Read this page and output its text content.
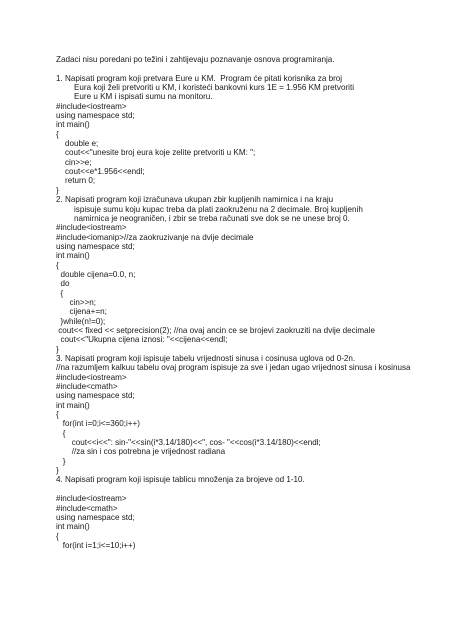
Zadaci nisu poredani po težini i zahtijevaju poznavanje osnova programiranja.
1. Napisati program koji pretvara Eure u KM.  Program će pitati korisnika za broj
Eura koji želi pretvoriti u KM, i koristeći bankovni kurs 1E = 1.956 KM pretvoriti
Eure u KM i ispisati sumu na monitoru.
#include<iostream>
using namespace std;
int main()
{
double e;
cout<<"unesite broj eura koje zelite pretvoriti u KM: ";
cin>>e;
cout<<e*1.956<<endl;
return 0;
}
2. Napisati program koji izračunava ukupan zbir kupljenih namirnica i na kraju
ispisuje sumu koju kupac treba da plati zaokruženu na 2 decimale. Broj kupljenih
namirnica je neograničen, i zbir se treba računati sve dok se ne unese broj 0.
#include<iostream>
#include<iomanip>//za zaokruzivanje na dvije decimale
using namespace std;
int main()
{
double cijena=0.0, n;
do
{
cin>>n;
cijena+=n;
}while(n!=0);
cout<< fixed << setprecision(2); //na ovaj ancin ce se brojevi zaokruziti na dvije decimale
cout<<"Ukupna cijena iznosi: "<<cijena<<endl;
}
3. Napisati program koji ispisuje tabelu vrijednosti sinusa i cosinusa uglova od 0-2n.
//na razumljem kalkuu tabelu ovaj program ispisuje za sve i jedan ugao vrijednost sinusa i kosinusa
#include<iostream>
#include<cmath>
using namespace std;
int main()
{
for(int i=0;i<=360;i++)
{
cout<<i<<": sin-"<<sin(i*3.14/180)<<", cos- "<<cos(i*3.14/180)<<endl;
//za sin i cos potrebna je vrijednost radiana
}
}
4. Napisati program koji ispisuje tablicu množenja za brojeve od 1-10.
#include<iostream>
#include<cmath>
using namespace std;
int main()
{
for(int i=1;i<=10;i++)
